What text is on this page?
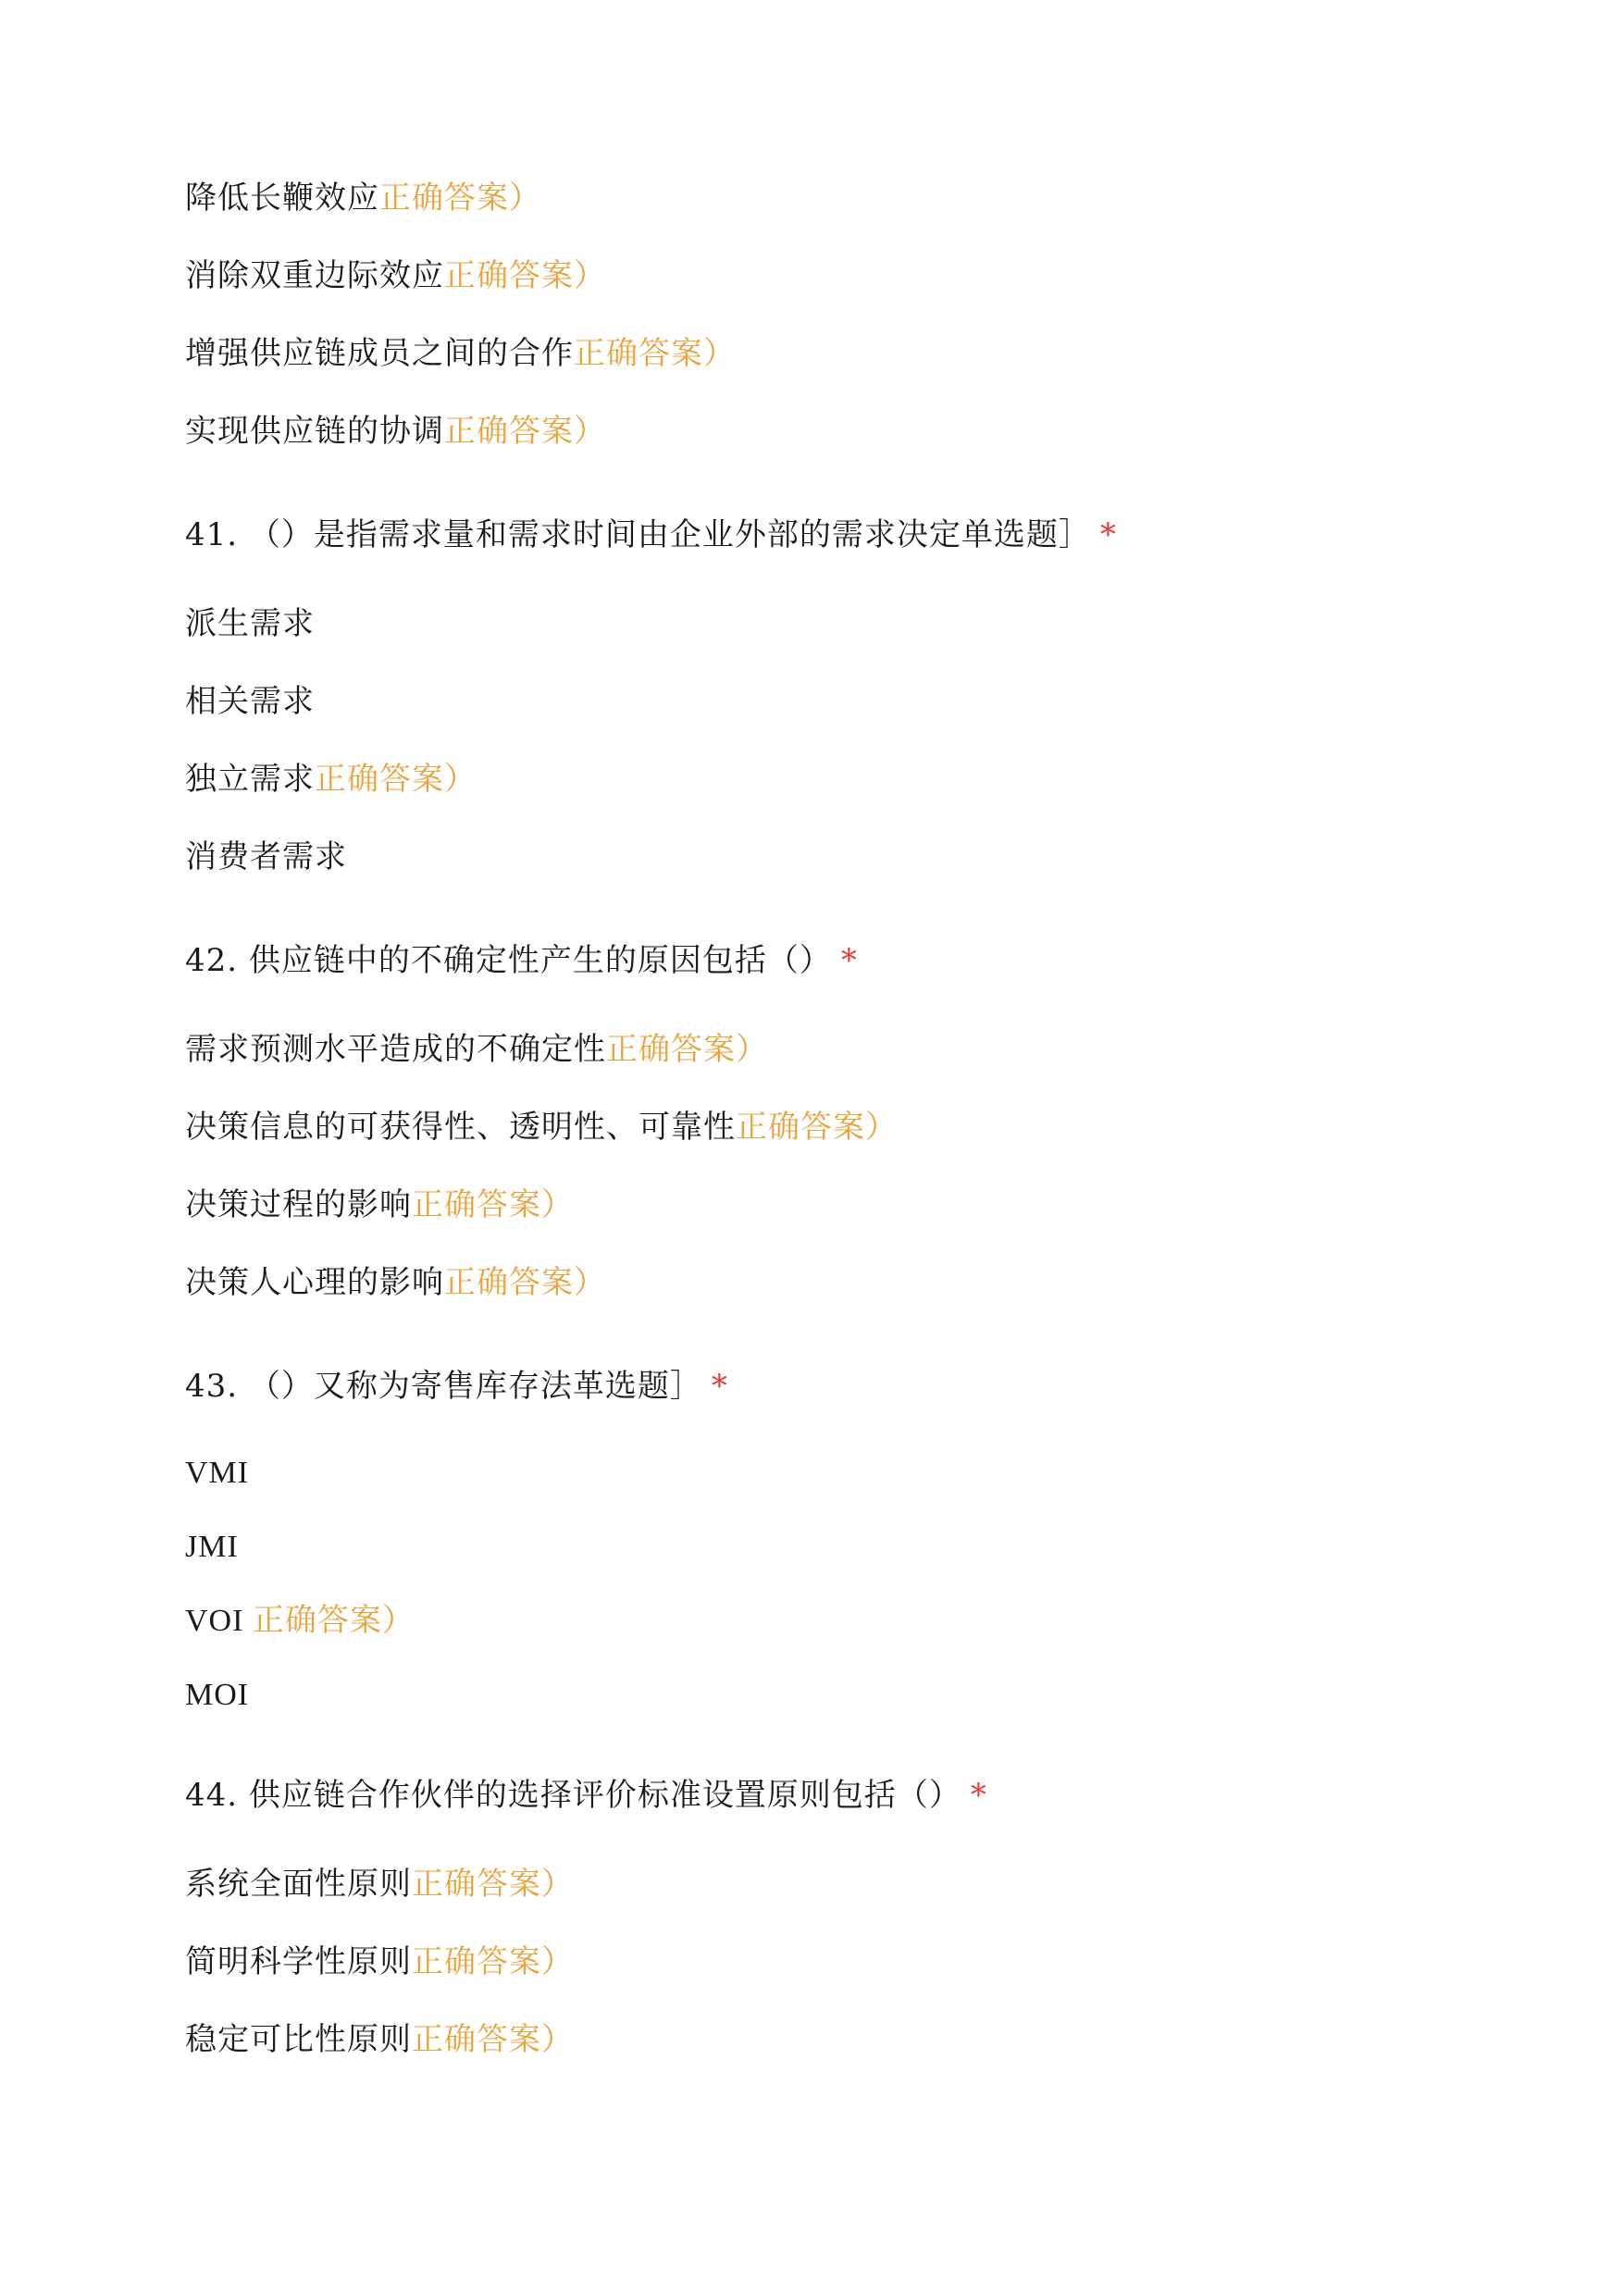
降低长鞭效应正确答案）
消除双重边际效应正确答案）
增强供应链成员之间的合作正确答案）
实现供应链的协调正确答案）
41. （）是指需求量和需求时间由企业外部的需求决定单选题］ *
派生需求
相关需求
独立需求正确答案）
消费者需求
42. 供应链中的不确定性产生的原因包括（） *
需求预测水平造成的不确定性正确答案）
决策信息的可获得性、透明性、可靠性正确答案）
决策过程的影响正确答案）
决策人心理的影响正确答案）
43. （）又称为寄售库存法革选题］ *
VMI
JMI
VOI 正确答案）
MOI
44. 供应链合作伙伴的选择评价标准设置原则包括（） *
系统全面性原则正确答案）
简明科学性原则正确答案）
稳定可比性原则正确答案）
